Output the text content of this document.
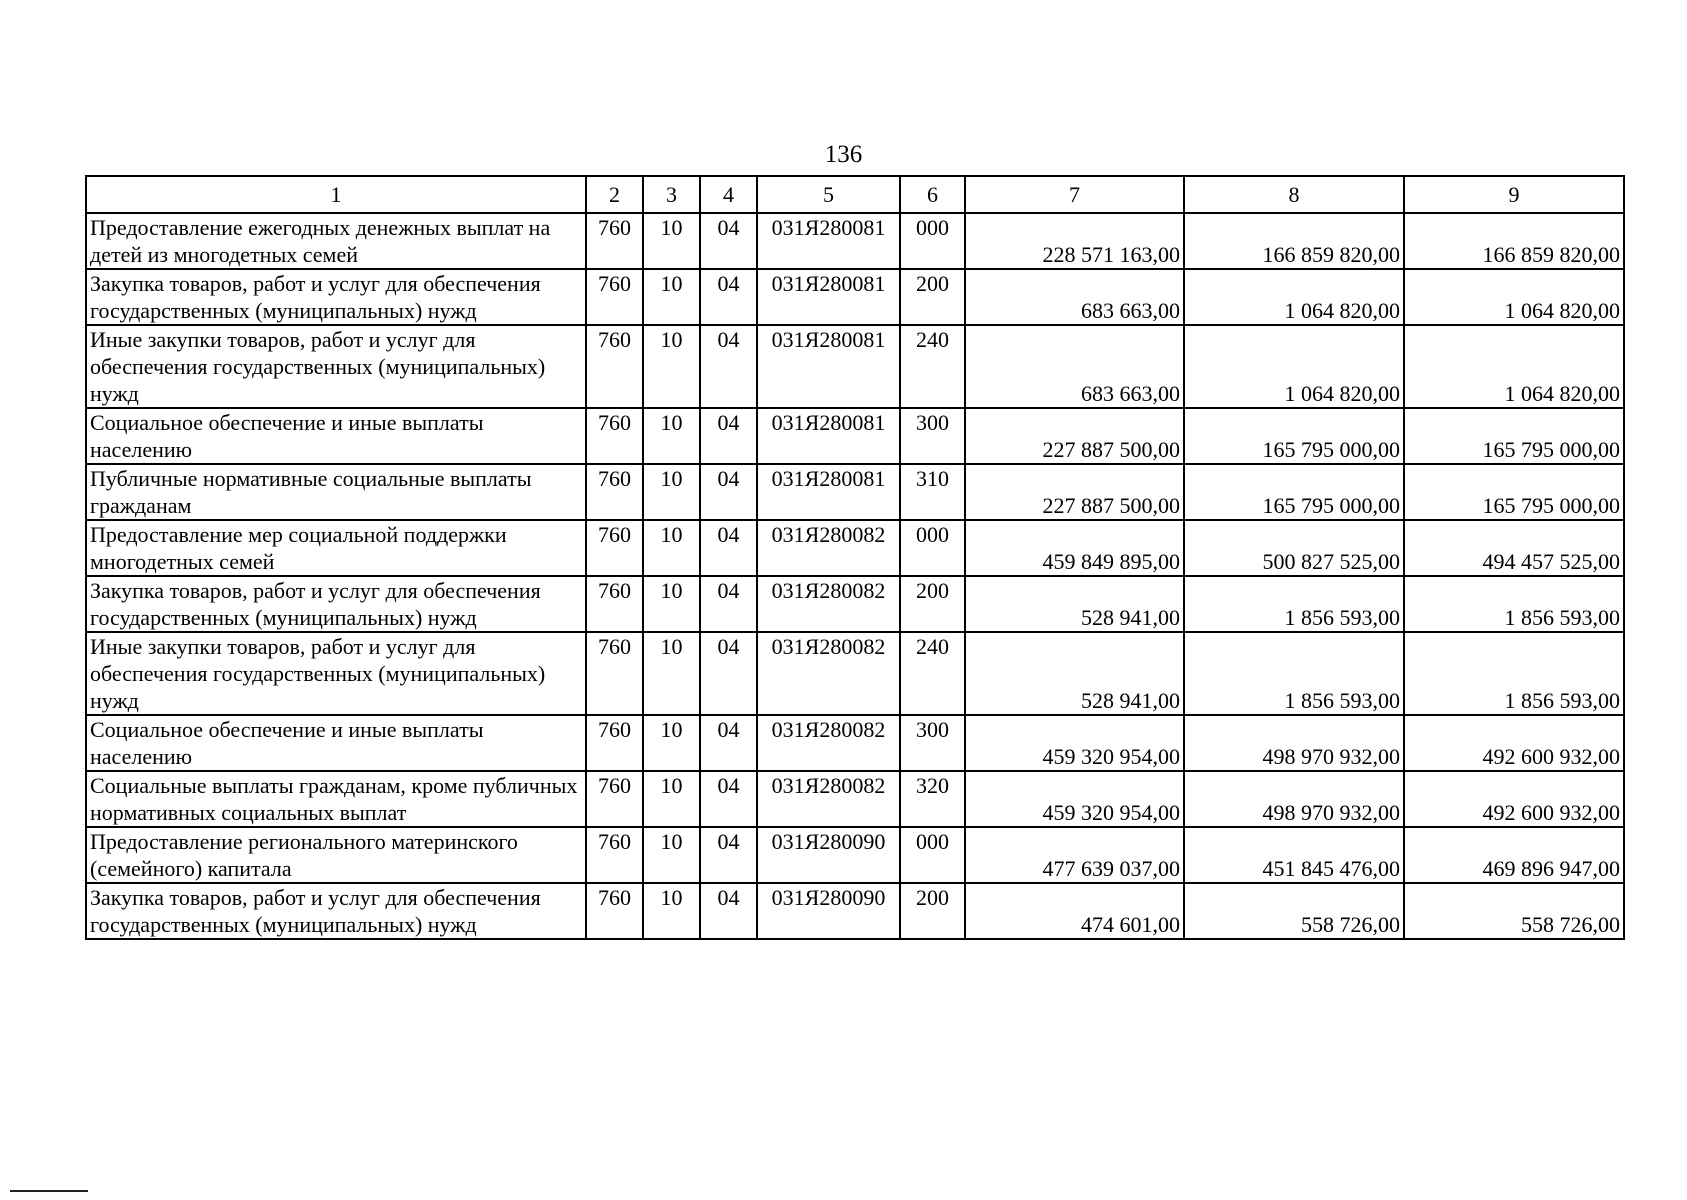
136
1	2	3	4	5	6	7	8	9
Предоставление ежегодных денежных выплат на детей из многодетных семей	760	10	04	031Я280081	000	228 571 163,00	166 859 820,00	166 859 820,00
Закупка товаров, работ и услуг для обеспечения государственных (муниципальных) нужд	760	10	04	031Я280081	200	683 663,00	1 064 820,00	1 064 820,00
Иные закупки товаров, работ и услуг для обеспечения государственных (муниципальных) нужд	760	10	04	031Я280081	240	683 663,00	1 064 820,00	1 064 820,00
Социальное обеспечение и иные выплаты населению	760	10	04	031Я280081	300	227 887 500,00	165 795 000,00	165 795 000,00
Публичные нормативные социальные выплаты гражданам	760	10	04	031Я280081	310	227 887 500,00	165 795 000,00	165 795 000,00
Предоставление мер социальной поддержки многодетных семей	760	10	04	031Я280082	000	459 849 895,00	500 827 525,00	494 457 525,00
Закупка товаров, работ и услуг для обеспечения государственных (муниципальных) нужд	760	10	04	031Я280082	200	528 941,00	1 856 593,00	1 856 593,00
Иные закупки товаров, работ и услуг для обеспечения государственных (муниципальных) нужд	760	10	04	031Я280082	240	528 941,00	1 856 593,00	1 856 593,00
Социальное обеспечение и иные выплаты населению	760	10	04	031Я280082	300	459 320 954,00	498 970 932,00	492 600 932,00
Социальные выплаты гражданам, кроме публичных нормативных социальных выплат	760	10	04	031Я280082	320	459 320 954,00	498 970 932,00	492 600 932,00
Предоставление регионального материнского (семейного) капитала	760	10	04	031Я280090	000	477 639 037,00	451 845 476,00	469 896 947,00
Закупка товаров, работ и услуг для обеспечения государственных (муниципальных) нужд	760	10	04	031Я280090	200	474 601,00	558 726,00	558 726,00
